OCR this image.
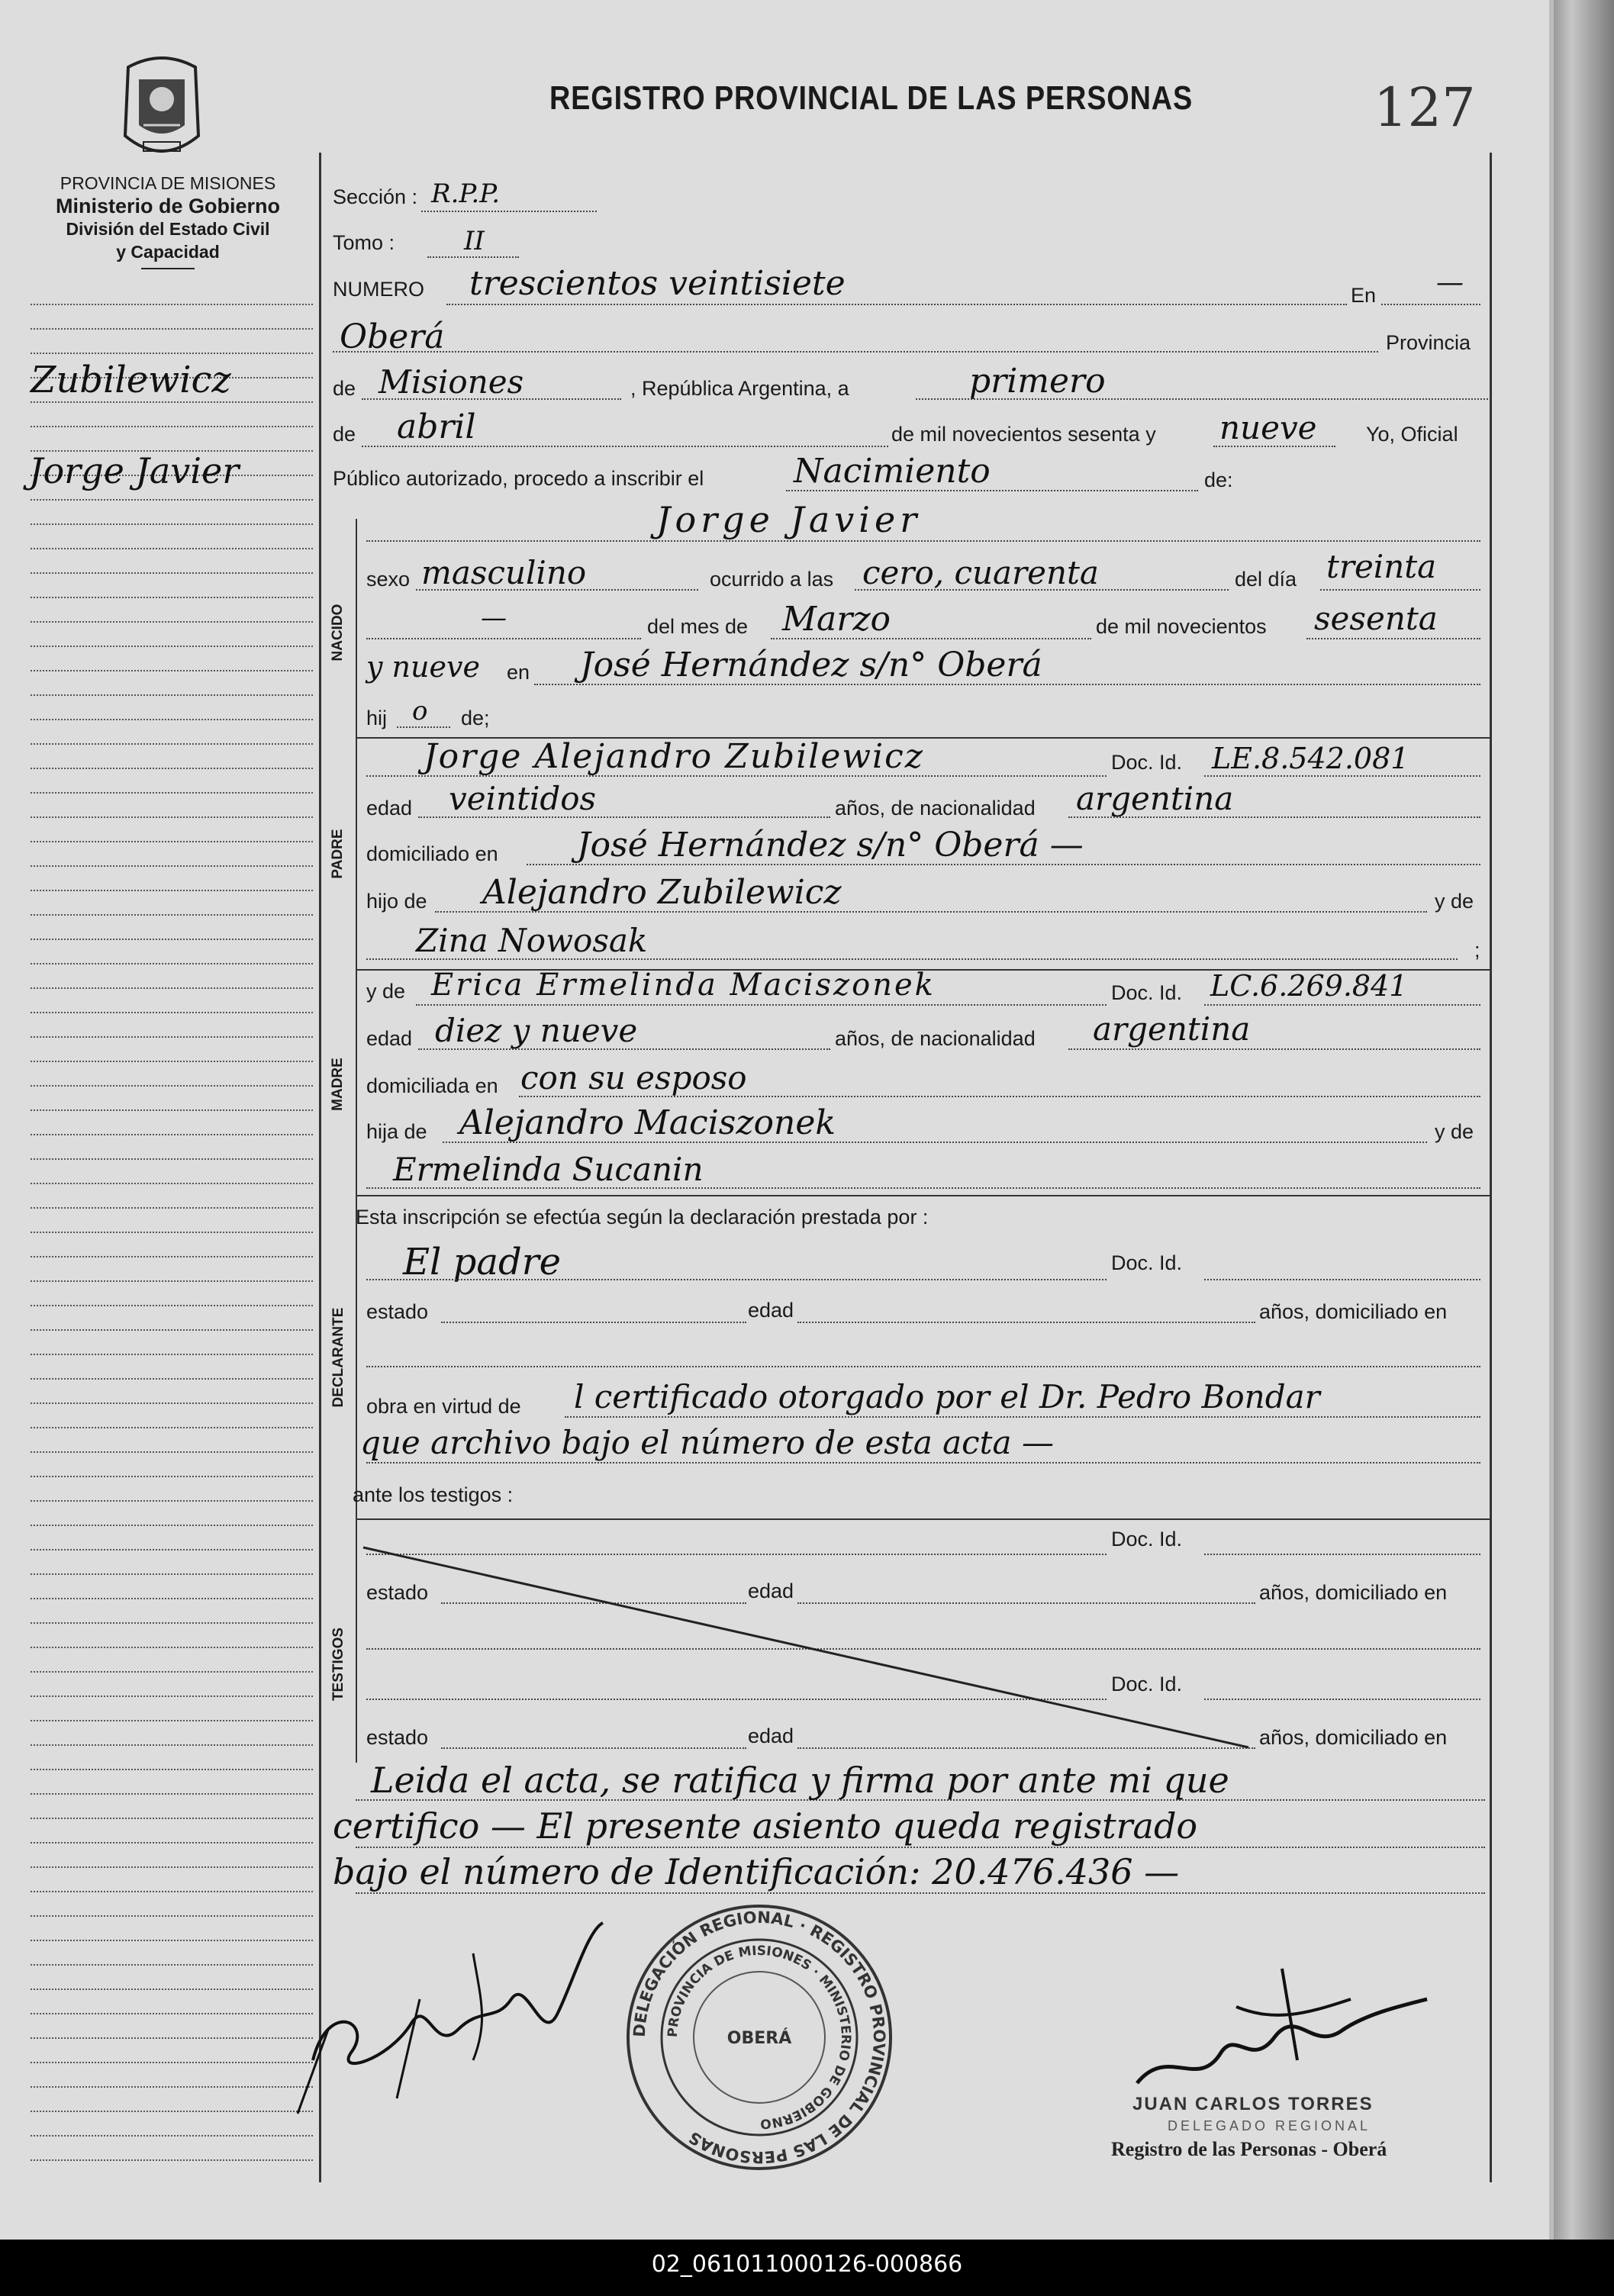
PROVINCIA DE MISIONES
Ministerio de Gobierno
División del Estado Civil
y Capacidad
REGISTRO PROVINCIAL DE LAS PERSONAS	127
Zubilewicz
Jorge Javier
Sección : R.P.P.
Tomo :	II
NUMERO trescientos veintisiete	En —
Oberá	Provincia
de Misiones	, República Argentina, a	primero
de abril	de mil novecientos sesenta y nueve Yo, Oficial
Público autorizado, procedo a inscribir el	Nacimiento	de:
NACIDO
Jorge Javier
sexo masculino	ocurrido a las cero, cuarenta	del día treinta
—	del mes de Marzo	de mil novecientos sesenta
y nueve en José Hernández s/n° Oberá
hij o de;
PADRE
Jorge Alejandro Zubilewicz	Doc. Id. LE.8.542.081
edad veintidos	años, de nacionalidad argentina
domiciliado en José Hernández s/n° Oberá —
hijo de Alejandro Zubilewicz	y de
Zina Nowosak	;
MADRE
y de Erica Ermelinda Maciszonek	Doc. Id. LC.6.269.841
edad diez y nueve	años, de nacionalidad argentina
domiciliada en con su esposo
hija de Alejandro Maciszonek	y de
Ermelinda Sucanin
Esta inscripción se efectúa según la declaración prestada por :
DECLARANTE
El padre	Doc. Id.
estado	edad	años, domiciliado en
obra en virtud de l certificado otorgado por el Dr. Pedro Bondar
que archivo bajo el número de esta acta —
ante los testigos :
TESTIGOS
Doc. Id.
estado	edad	años, domiciliado en
Doc. Id.
estado	edad	años, domiciliado en
Leida el acta, se ratifica y firma por ante mi que
certifico — El presente asiento queda registrado
bajo el número de Identificación: 20.476.436 —
DELEGACIÓN REGIONAL · REGISTRO PROVINCIAL DE LAS PERSONAS
PROVINCIA DE MISIONES · MINISTERIO DE GOBIERNO
OBERÁ
JUAN CARLOS TORRES
DELEGADO REGIONAL
Registro de las Personas - Oberá
02_061011000126-000866
